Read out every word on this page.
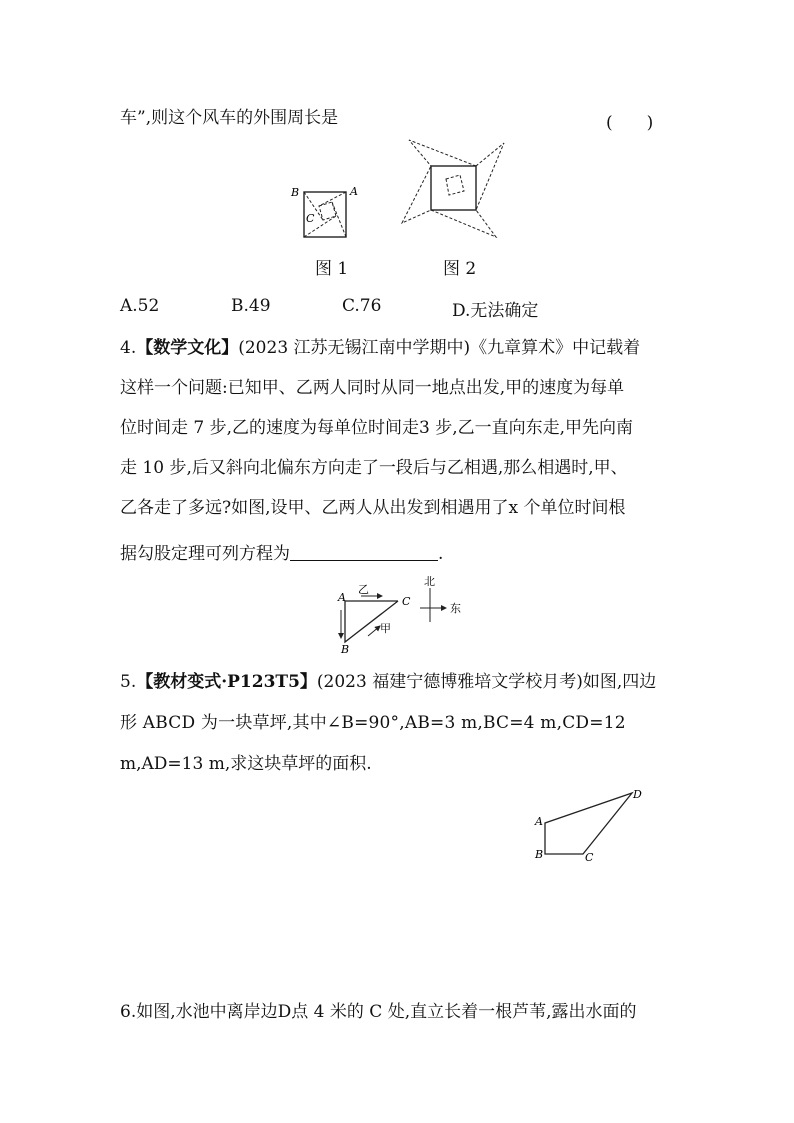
车”,则这个风车的外围周长是	(　　)
B	A
C
图 1	图 2
A.52	B.49	C.76	D.无法确定
4.【数学文化】(2023 江苏无锡江南中学期中)《九章算术》中记载着
这样一个问题:已知甲、乙两人同时从同一地点出发,甲的速度为每单
位时间走 7 步,乙的速度为每单位时间走3 步,乙一直向东走,甲先向南
走 10 步,后又斜向北偏东方向走了一段后与乙相遇,那么相遇时,甲、
乙各走了多远?如图,设甲、乙两人从出发到相遇用了x 个单位时间根
据勾股定理可列方程为	.
A
B
C
乙
甲
北
东
5.【教材变式·P123T5】(2023 福建宁德博雅培文学校月考)如图,四边
形 ABCD 为一块草坪,其中∠B=90°,AB=3 m,BC=4 m,CD=12
m,AD=13 m,求这块草坪的面积.
A
B	C
D
6.如图,水池中离岸边D点 4 米的 C 处,直立长着一根芦苇,露出水面的
